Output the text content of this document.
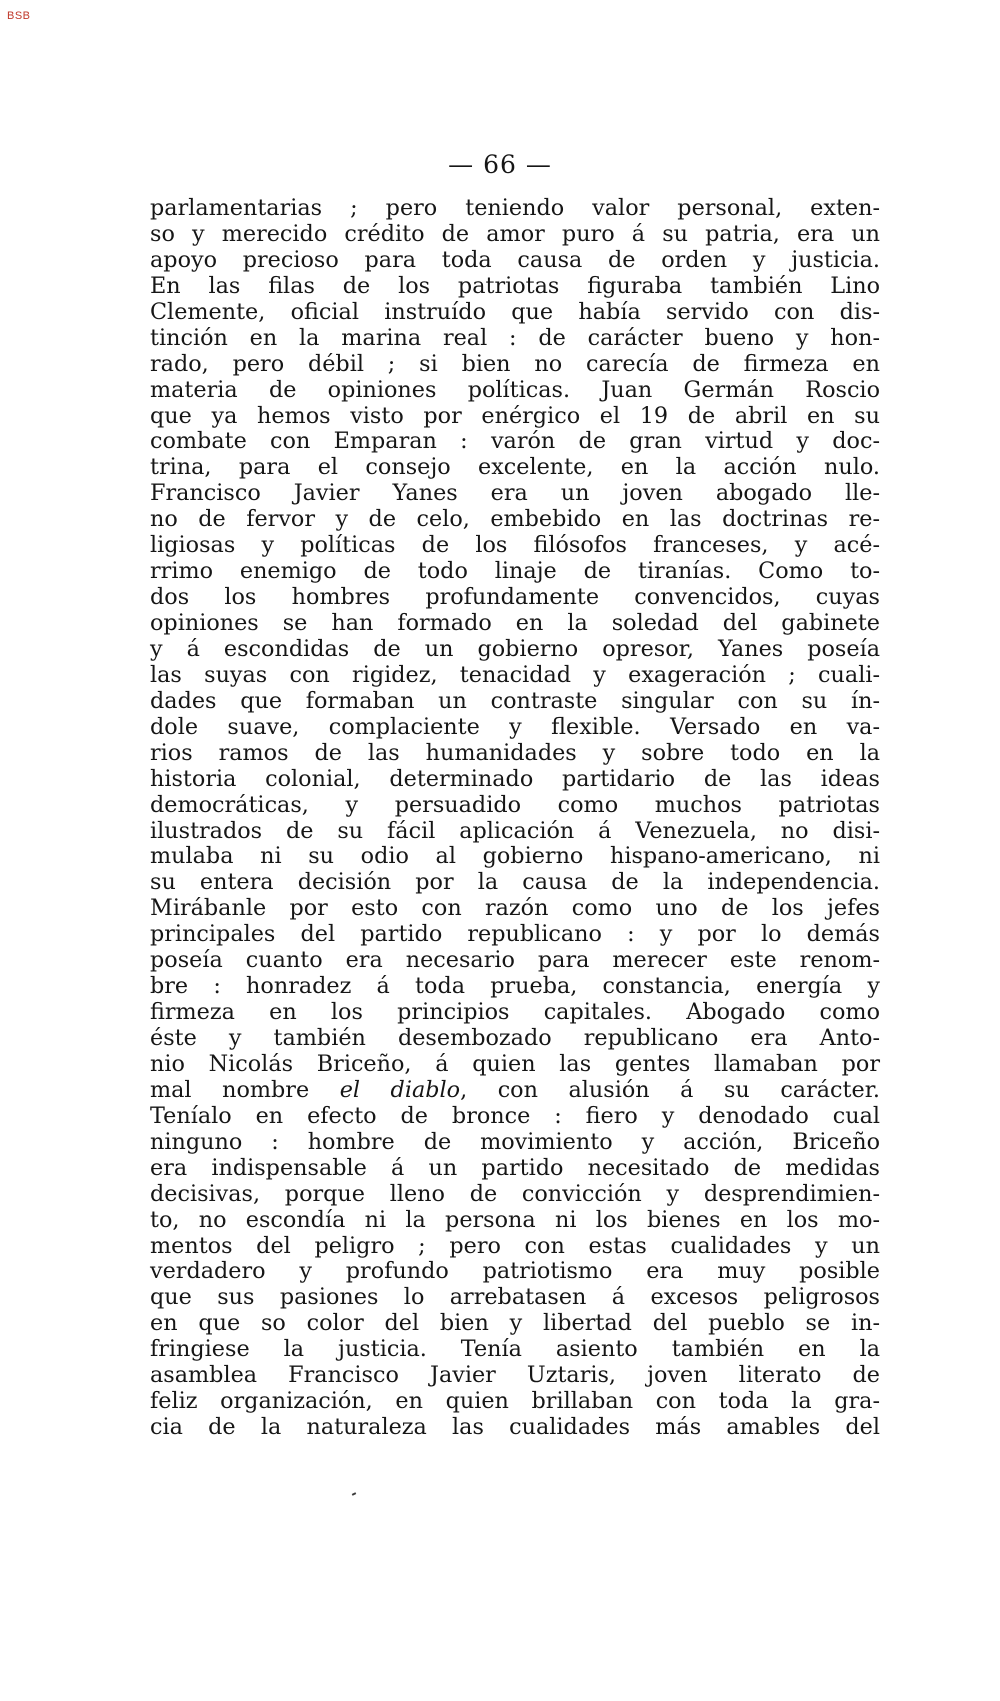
BSB
— 66 —
parlamentarias ; pero teniendo valor personal, exten-
so y merecido crédito de amor puro á su patria, era un
apoyo precioso para toda causa de orden y justicia.
En las filas de los patriotas figuraba también Lino
Clemente, oficial instruído que había servido con dis-
tinción en la marina real : de carácter bueno y hon-
rado, pero débil ; si bien no carecía de firmeza en
materia de opiniones políticas. Juan Germán Roscio
que ya hemos visto por enérgico el 19 de abril en su
combate con Emparan : varón de gran virtud y doc-
trina, para el consejo excelente, en la acción nulo.
Francisco Javier Yanes era un joven abogado lle-
no de fervor y de celo, embebido en las doctrinas re-
ligiosas y políticas de los filósofos franceses, y acé-
rrimo enemigo de todo linaje de tiranías. Como to-
dos los hombres profundamente convencidos, cuyas
opiniones se han formado en la soledad del gabinete
y á escondidas de un gobierno opresor, Yanes poseía
las suyas con rigidez, tenacidad y exageración ; cuali-
dades que formaban un contraste singular con su ín-
dole suave, complaciente y flexible. Versado en va-
rios ramos de las humanidades y sobre todo en la
historia colonial, determinado partidario de las ideas
democráticas, y persuadido como muchos patriotas
ilustrados de su fácil aplicación á Venezuela, no disi-
mulaba ni su odio al gobierno hispano-americano, ni
su entera decisión por la causa de la independencia.
Mirábanle por esto con razón como uno de los jefes
principales del partido republicano : y por lo demás
poseía cuanto era necesario para merecer este renom-
bre : honradez á toda prueba, constancia, energía y
firmeza en los principios capitales. Abogado como
éste y también desembozado republicano era Anto-
nio Nicolás Briceño, á quien las gentes llamaban por
mal nombre el diablo, con alusión á su carácter.
Teníalo en efecto de bronce : fiero y denodado cual
ninguno : hombre de movimiento y acción, Briceño
era indispensable á un partido necesitado de medidas
decisivas, porque lleno de convicción y desprendimien-
to, no escondía ni la persona ni los bienes en los mo-
mentos del peligro ; pero con estas cualidades y un
verdadero y profundo patriotismo era muy posible
que sus pasiones lo arrebatasen á excesos peligrosos
en que so color del bien y libertad del pueblo se in-
fringiese la justicia. Tenía asiento también en la
asamblea Francisco Javier Uztaris, joven literato de
feliz organización, en quien brillaban con toda la gra-
cia de la naturaleza las cualidades más amables del
